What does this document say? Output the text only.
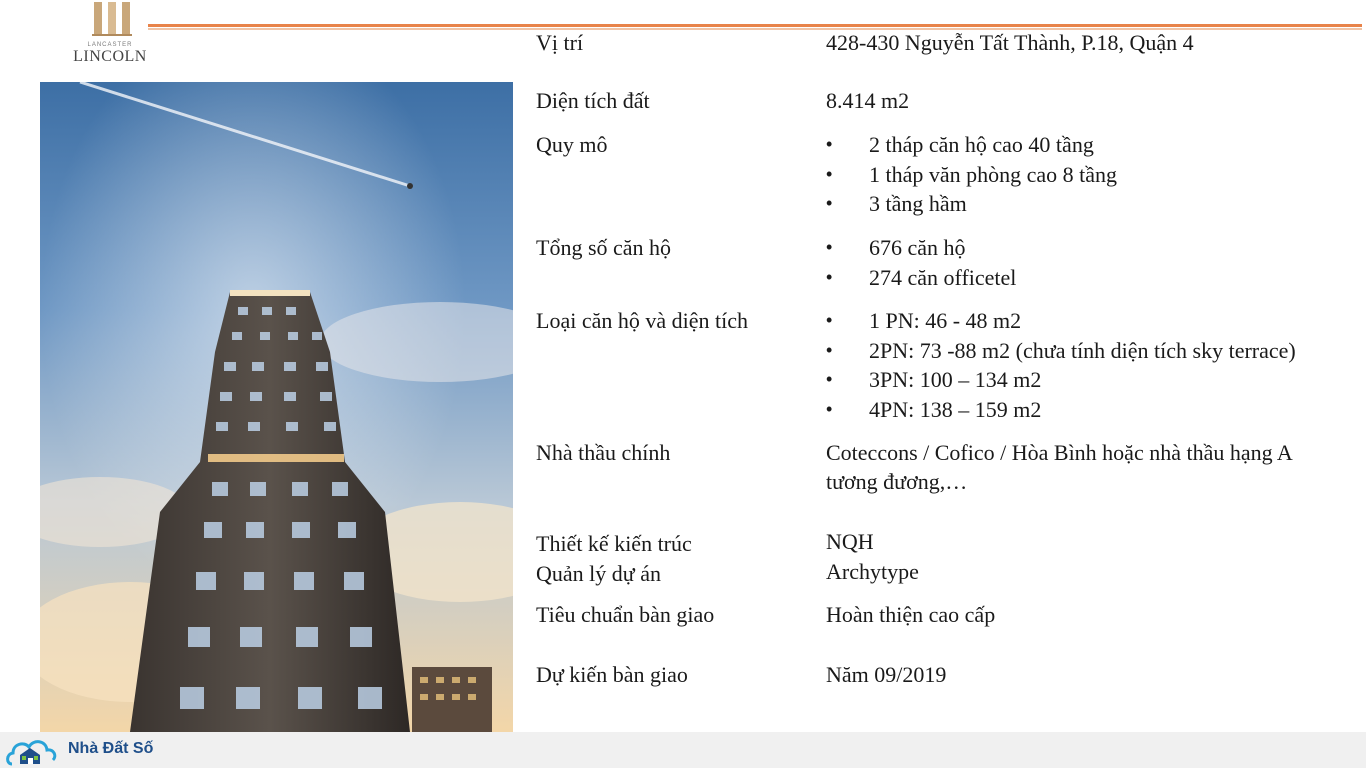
LANCASTER
LINCOLN
Vị trí	428-430 Nguyễn Tất Thành, P.18, Quận 4
Diện tích đất	8.414 m2
Quy mô	• 2 tháp căn hộ cao 40 tầng
• 1 tháp văn phòng cao 8 tầng
• 3 tầng hầm
Tổng số căn hộ	• 676 căn hộ
• 274 căn officetel
Loại căn hộ và diện tích	• 1 PN: 46 - 48 m2
• 2PN: 73 -88 m2 (chưa tính diện tích sky terrace)
• 3PN: 100 – 134 m2
• 4PN: 138 – 159 m2
Nhà thầu chính	Coteccons / Cofico / Hòa Bình hoặc nhà thầu hạng A
tương đương,…
Thiết kế kiến trúc	NQH
Quản lý dự án	Archytype
Tiêu chuẩn bàn giao	Hoàn thiện cao cấp
Dự kiến bàn giao	Năm 09/2019
Nhà Đất Số
